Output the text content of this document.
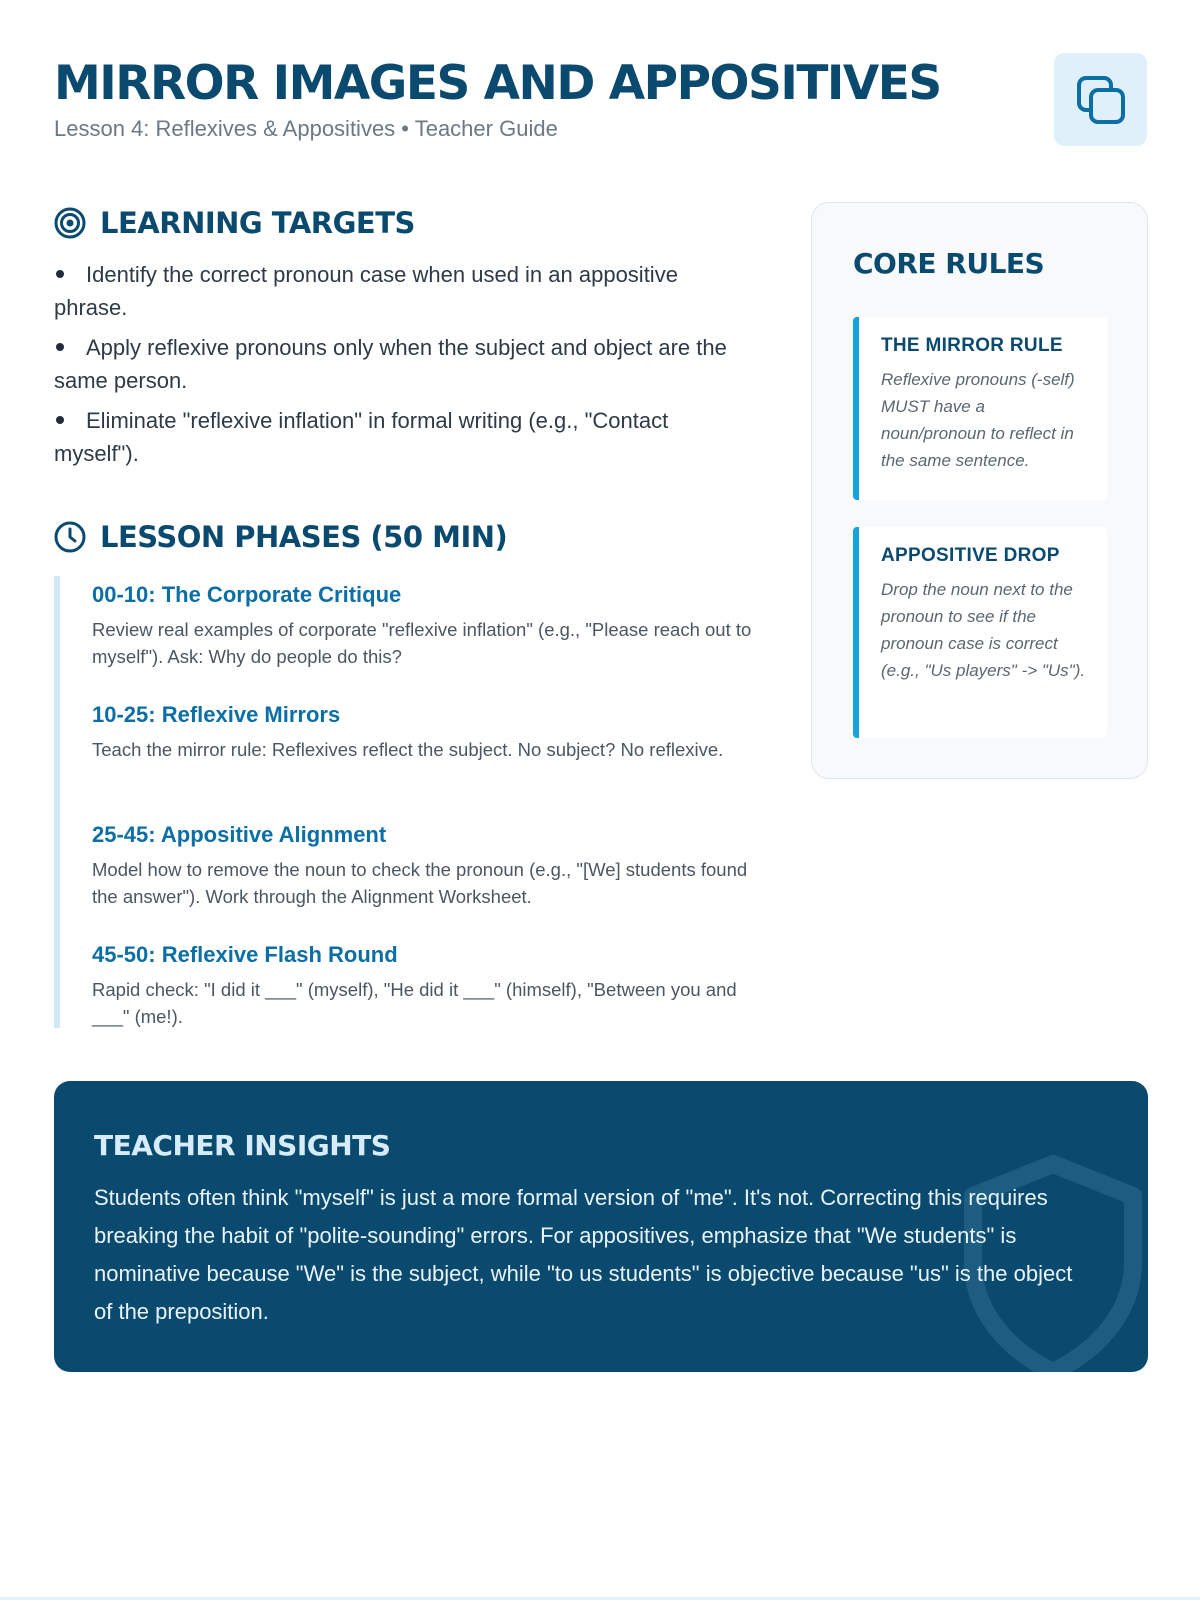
MIRROR IMAGES AND APPOSITIVES
Lesson 4: Reflexives & Appositives • Teacher Guide
LEARNING TARGETS
Identify the correct pronoun case when used in an appositive phrase.
Apply reflexive pronouns only when the subject and object are the same person.
Eliminate "reflexive inflation" in formal writing (e.g., "Contact myself").
LESSON PHASES (50 MIN)

00-10: The Corporate Critique

Review real examples of corporate "reflexive inflation" (e.g., "Please reach out to myself"). Ask: Why do people do this?

10-25: Reflexive Mirrors

Teach the mirror rule: Reflexives reflect the subject. No subject? No reflexive.

25-45: Appositive Alignment

Model how to remove the noun to check the pronoun (e.g., "[We] students found the answer"). Work through the Alignment Worksheet.

45-50: Reflexive Flash Round

Rapid check: "I did it ___" (myself), "He did it ___" (himself), "Between you and ___" (me!).

CORE RULES

THE MIRROR RULE

Reflexive pronouns (-self) MUST have a noun/pronoun to reflect in the same sentence.

APPOSITIVE DROP

Drop the noun next to the pronoun to see if the pronoun case is correct (e.g., "Us players" -> "Us").

TEACHER INSIGHTS

Students often think "myself" is just a more formal version of "me". It's not. Correcting this requires breaking the habit of "polite-sounding" errors. For appositives, emphasize that "We students" is nominative because "We" is the subject, while "to us students" is objective because "us" is the object of the preposition.
